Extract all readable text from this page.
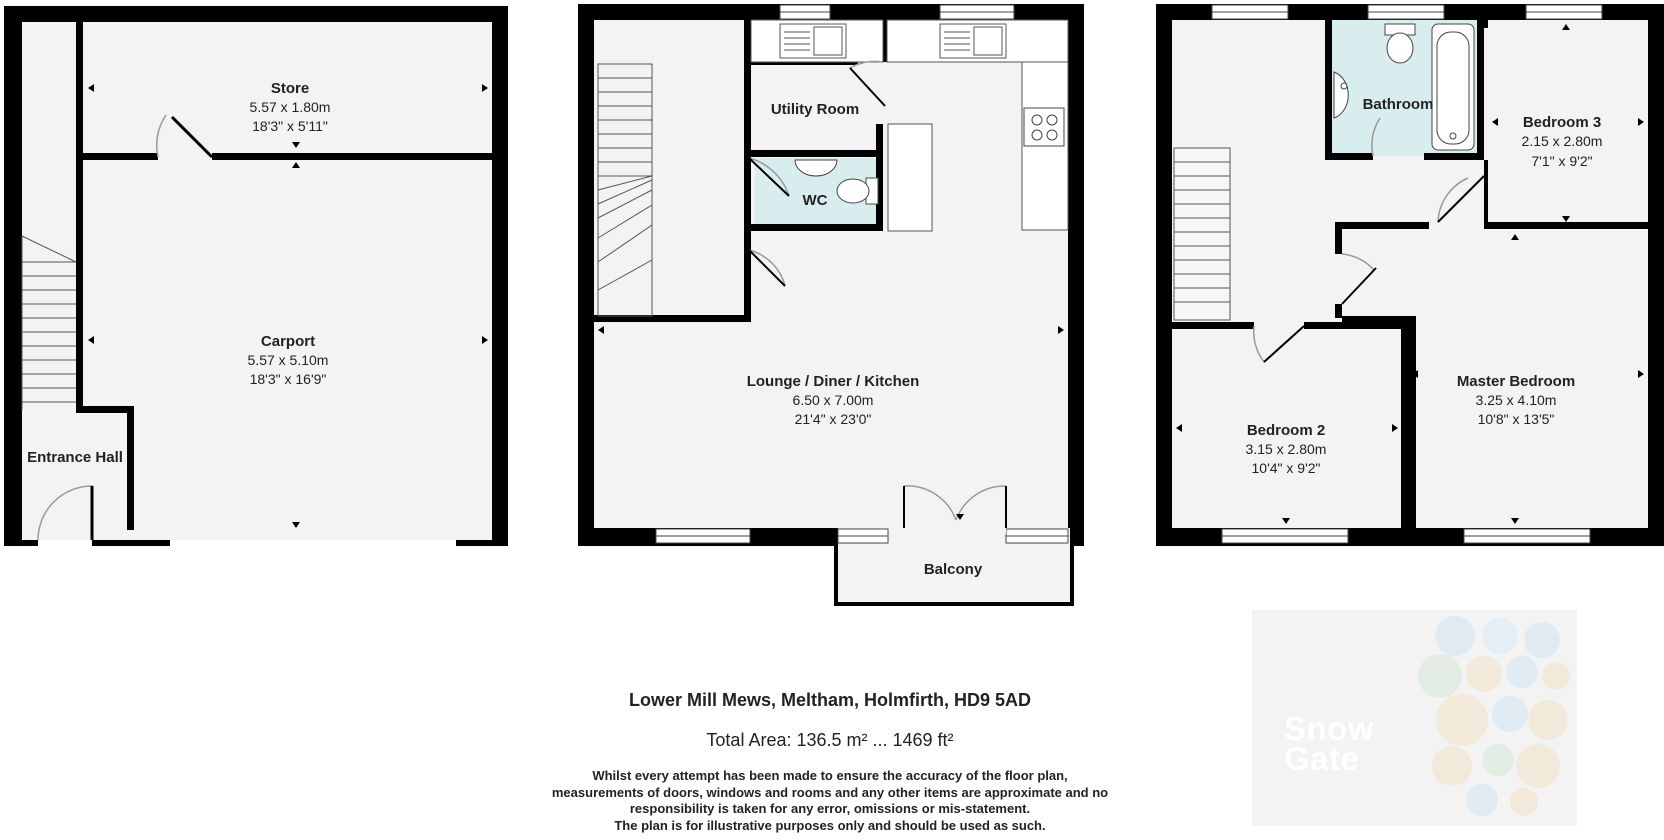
Store
5.57 x 1.80m
18'3" x 5'11"
Carport
5.57 x 5.10m
18'3" x 16'9"
Entrance Hall
Utility Room
WC
Lounge / Diner / Kitchen
6.50 x 7.00m
21'4" x 23'0"
Balcony
Bathroom
Bedroom 3
2.15 x 2.80m
7'1" x 9'2"
Master Bedroom
3.25 x 4.10m
10'8" x 13'5"
Bedroom 2
3.15 x 2.80m
10'4" x 9'2"
Lower Mill Mews, Meltham, Holmfirth, HD9 5AD
Total Area: 136.5 m² ... 1469 ft²
Whilst every attempt has been made to ensure the accuracy of the floor plan,
measurements of doors, windows and rooms and any other items are approximate and no
responsibility is taken for any error, omissions or mis-statement.
The plan is for illustrative purposes only and should be used as such.
Snow
Gate
